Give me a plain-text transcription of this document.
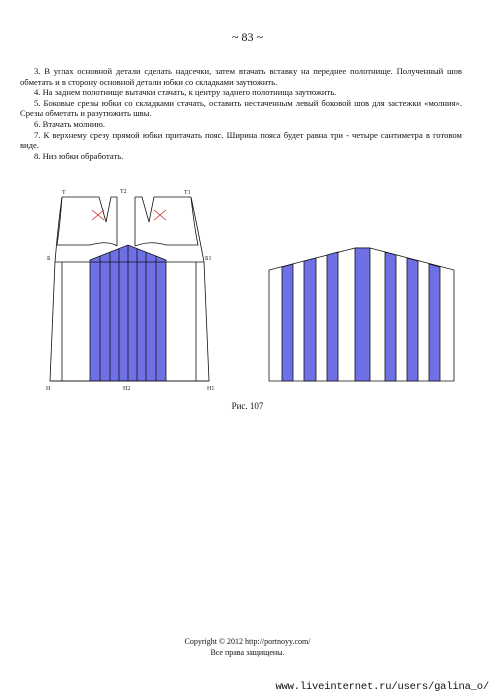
~ 83 ~

3. В углах основной детали сделать надсечки, затем втачать вставку на переднее полотнище. Полученный шов обметать и в сторону основной детали юбки со складками заутюжить.

4. На заднем полотнище вытачки стачать, к центру заднего полотнища заутюжить.

5. Боковые срезы юбки со складками стачать, оставить нестаченным левый боковой шов для застежки «молния». Срезы обметать и разутюжить швы.

6. Втачать молнию.

7. К верхнему срезу прямой юбки притачать пояс. Ширина пояса будет равна три - четыре сантиметра в готовом виде.

8. Низ юбки обработать.

Т	Т2	Т1
Б	Б1
Н	Н2	Н1
Рис. 107
Copyright © 2012 http://portnoyy.com/
Все права защищены.
www.liveinternet.ru/users/galina_o/
